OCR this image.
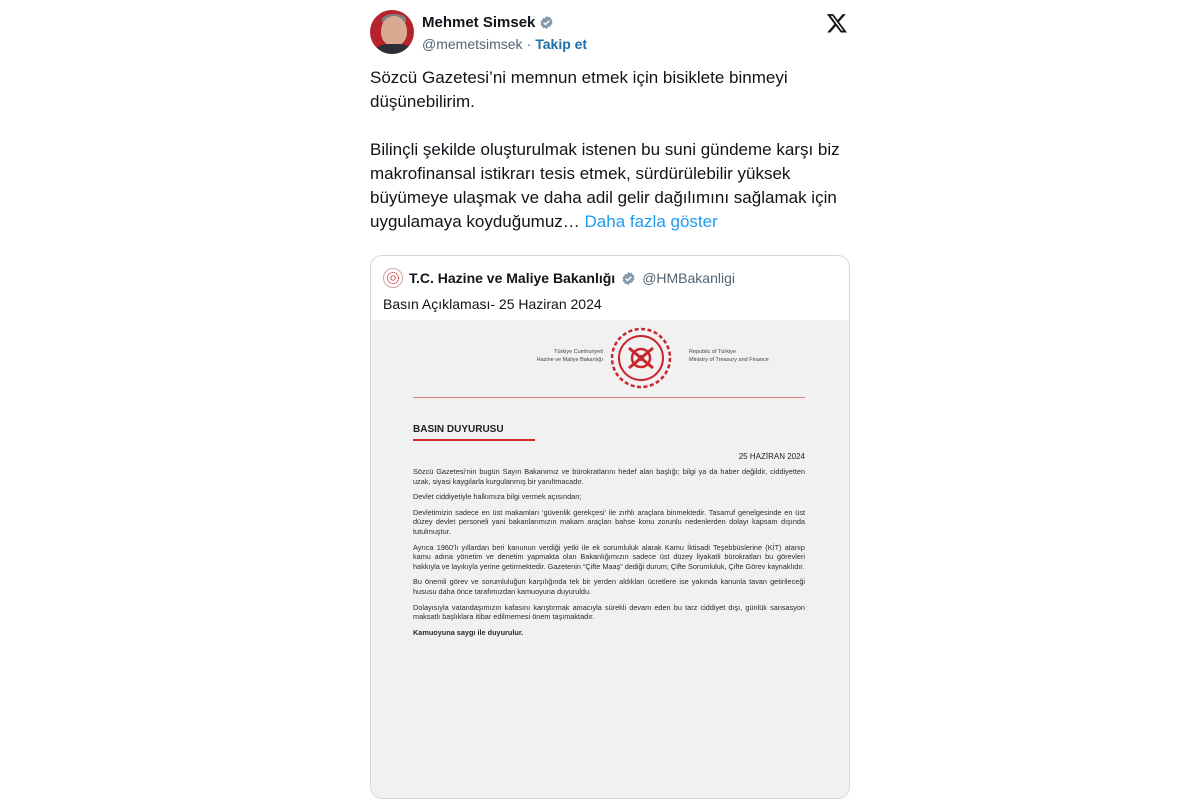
Mehmet Simsek
@memetsimsek · Takip et
Sözcü Gazetesi’ni memnun etmek için bisiklete binmeyi düşünebilirim.

Bilinçli şekilde oluşturulmak istenen bu suni gündeme karşı biz makrofinansal istikrarı tesis etmek, sürdürülebilir yüksek büyümeye ulaşmak ve daha adil gelir dağılımını sağlamak için uygulamaya koyduğumuz… Daha fazla göster
T.C. Hazine ve Maliye Bakanlığı @HMBakanligi
Basın Açıklaması- 25 Haziran 2024
Türkiye Cumhuriyeti
Hazine ve Maliye Bakanlığı
Republic of Türkiye
Ministry of Treasury and Finance
BASIN DUYURUSU
25 HAZİRAN 2024

Sözcü Gazetesi’nin bugün Sayın Bakanımız ve bürokratlarını hedef alan başlığı; bilgi ya da haber değildir, ciddiyetten uzak, siyasi kaygılarla kurgulanmış bir yanıltmacadır.

Devlet ciddiyetiyle halkımıza bilgi vermek açısından;

Devletimizin sadece en üst makamları ‘güvenlik gerekçesi’ ile zırhlı araçlara binmektedir. Tasarruf genelgesinde en üst düzey devlet personeli yani bakanlarımızın makam araçları bahse konu zorunlu nedenlerden dolayı kapsam dışında tutulmuştur.

Ayrıca 1960’lı yıllardan beri kanunun verdiği yetki ile ek sorumluluk alarak Kamu İktisadi Teşebbüslerine (KİT) atanıp kamu adına yönetim ve denetim yapmakta olan Bakanlığımızın sadece üst düzey liyakatli bürokratları bu görevleri hakkıyla ve layıkıyla yerine getirmektedir. Gazetenin “Çifte Maaş” dediği durum; Çifte Sorumluluk, Çifte Görev kaynaklıdır.

Bu önemli görev ve sorumluluğun karşılığında tek bir yerden aldıkları ücretlere ise yakında kanunla tavan getirileceği hususu daha önce tarafımızdan kamuoyuna duyuruldu.

Dolayısıyla vatandaşımızın kafasını karıştırmak amacıyla sürekli devam eden bu tarz ciddiyet dışı, günlük sansasyon maksatlı başlıklara itibar edilmemesi önem taşımaktadır.

Kamuoyuna saygı ile duyurulur.
